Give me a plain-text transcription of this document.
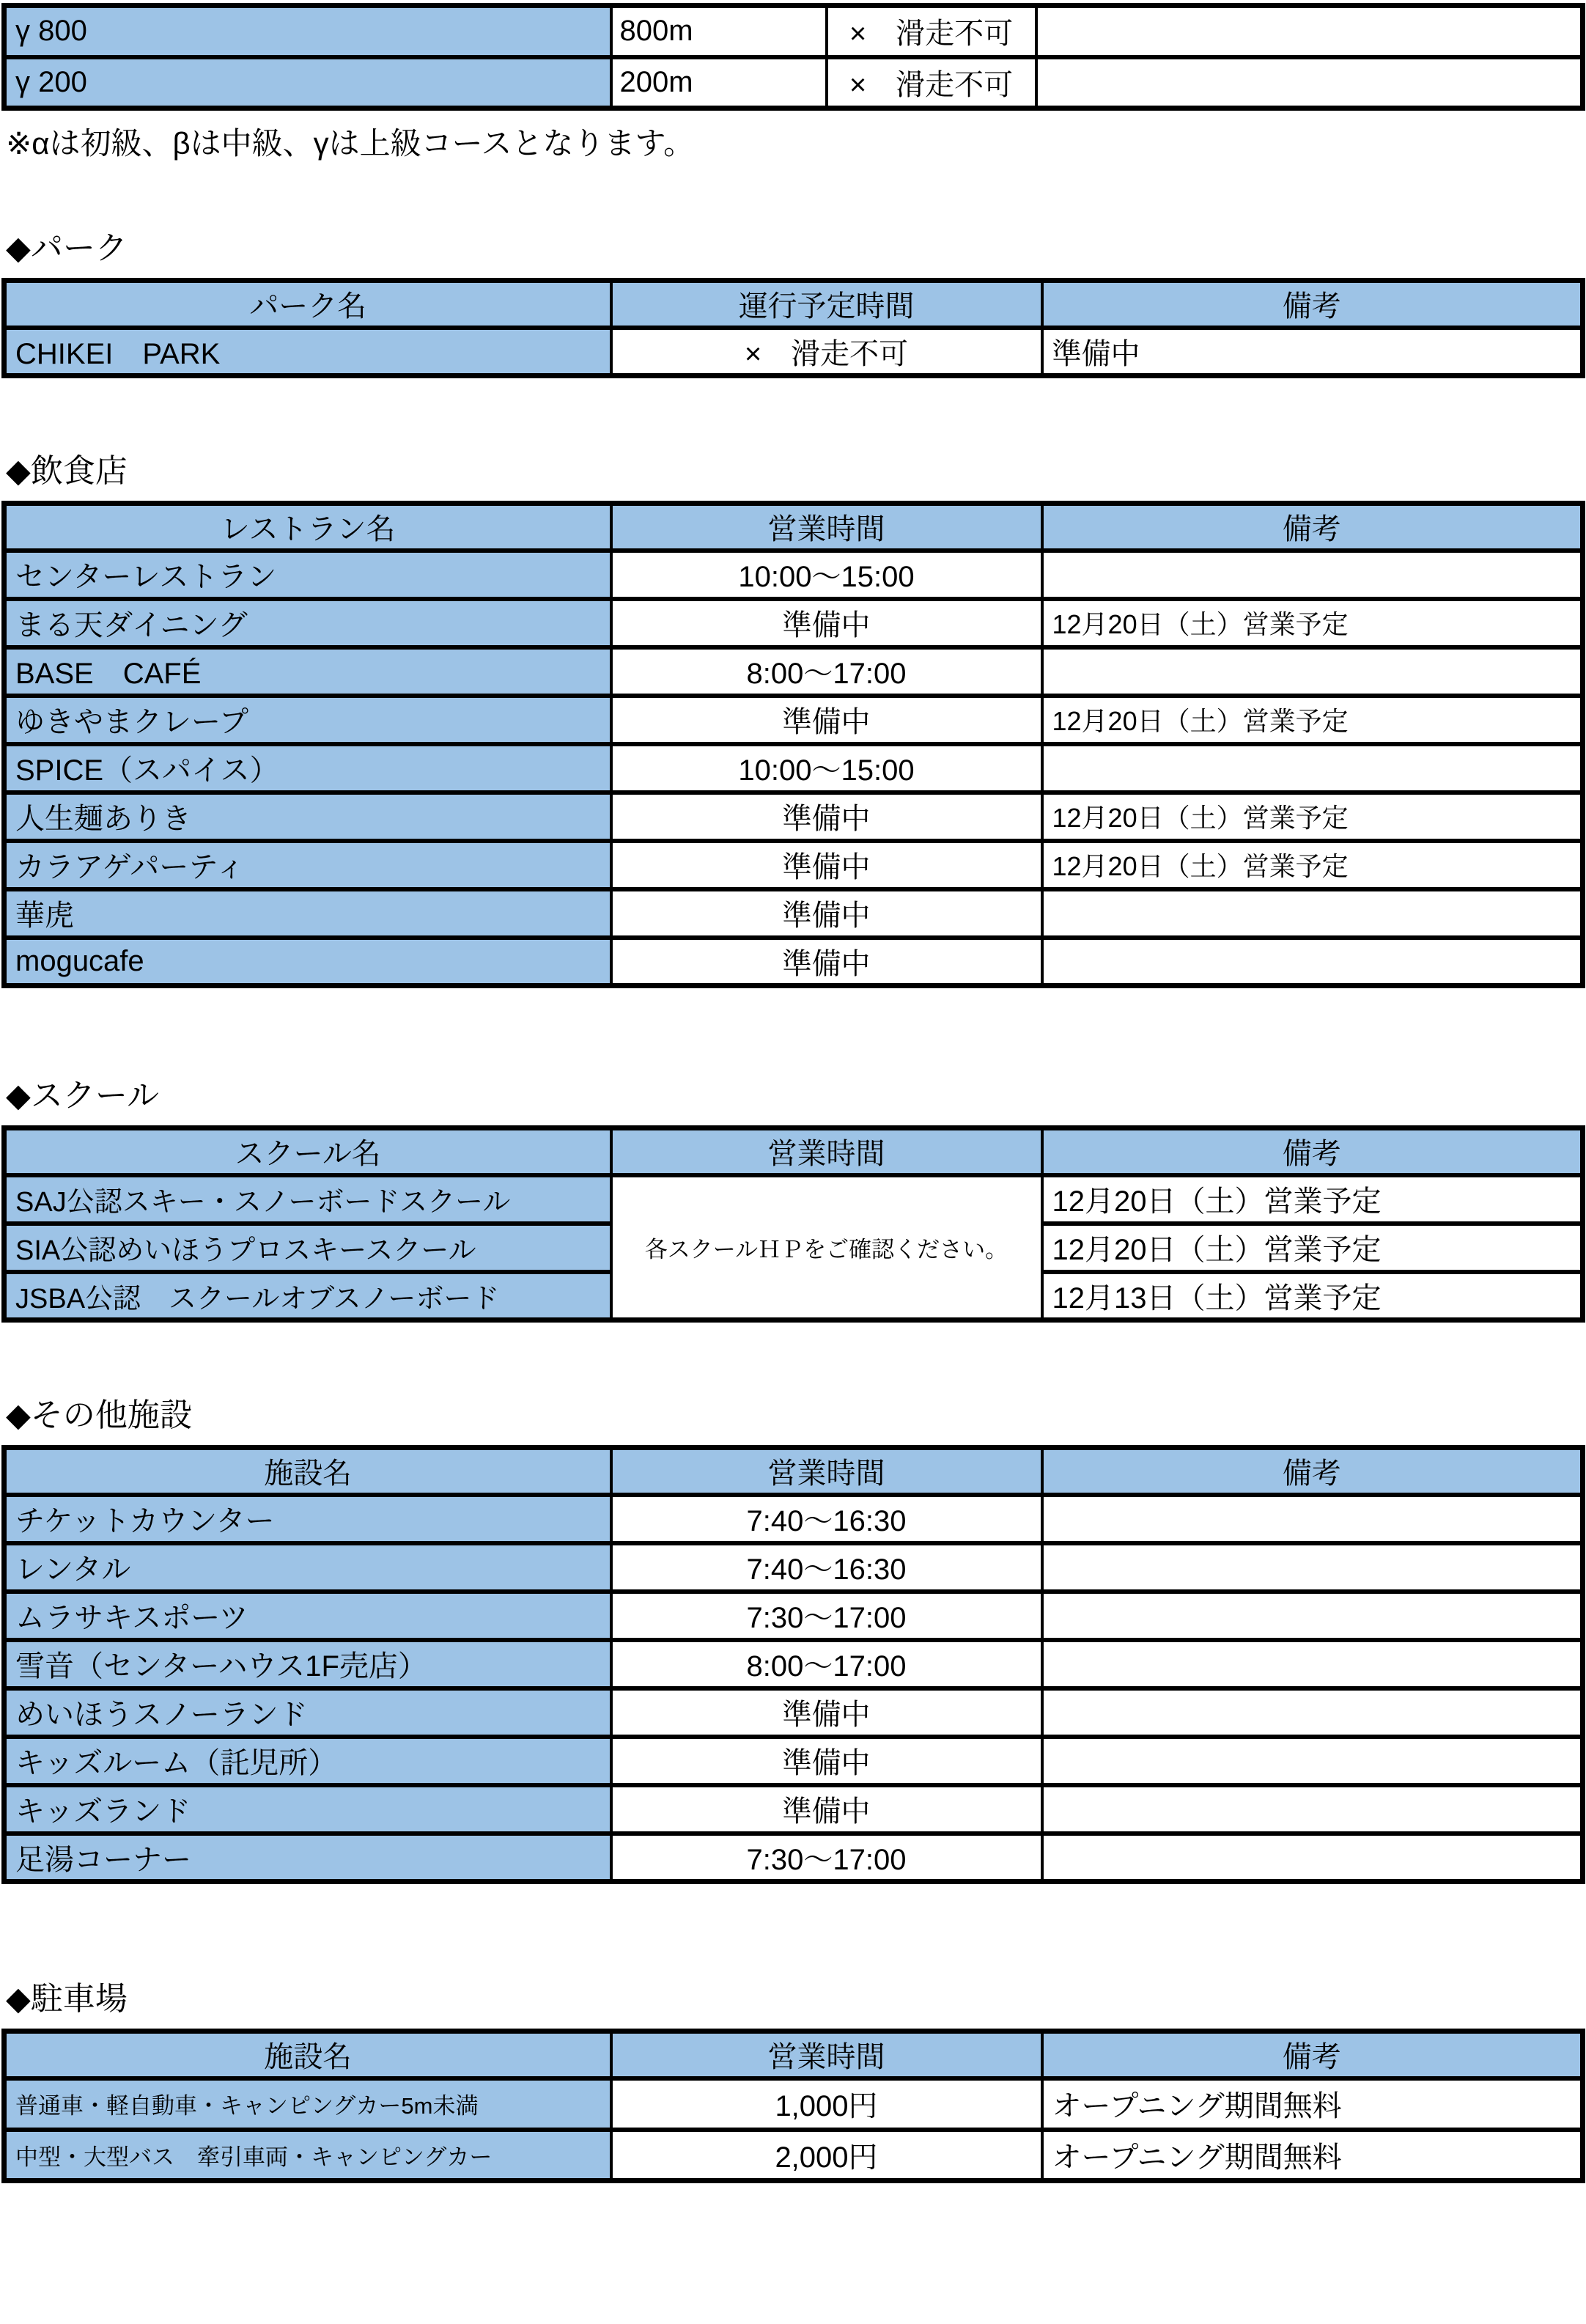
γ 800	800m	×　滑走不可	
γ 200	200m	×　滑走不可	

※αは初級、βは中級、γは上級コースとなります。

◆パーク
パーク名	運行予定時間	備考
CHIKEI　PARK	×　滑走不可	準備中
◆飲食店
レストラン名	営業時間	備考
センターレストラン	10:00～15:00	
まる天ダイニング	準備中	12月20日（土）営業予定
BASE　CAFÉ	8:00～17:00	
ゆきやまクレープ	準備中	12月20日（土）営業予定
SPICE（スパイス）	10:00～15:00	
人生麺ありき	準備中	12月20日（土）営業予定
カラアゲパーティ	準備中	12月20日（土）営業予定
華虎	準備中	
mogucafe	準備中	
◆スクール
スクール名	営業時間	備考
SAJ公認スキー・スノーボードスクール	各スクールＨＰをご確認ください。	12月20日（土）営業予定
SIA公認めいほうプロスキースクール		12月20日（土）営業予定
JSBA公認　スクールオブスノーボード		12月13日（土）営業予定
◆その他施設
施設名	営業時間	備考
チケットカウンター	7:40～16:30	
レンタル	7:40～16:30	
ムラサキスポーツ	7:30～17:00	
雪音（センターハウス1F売店）	8:00～17:00	
めいほうスノーランド	準備中	
キッズルーム（託児所）	準備中	
キッズランド	準備中	
足湯コーナー	7:30～17:00	
◆駐車場
施設名	営業時間	備考
普通車・軽自動車・キャンピングカー5m未満	1,000円	オープニング期間無料
中型・大型バス　牽引車両・キャンピングカー	2,000円	オープニング期間無料
